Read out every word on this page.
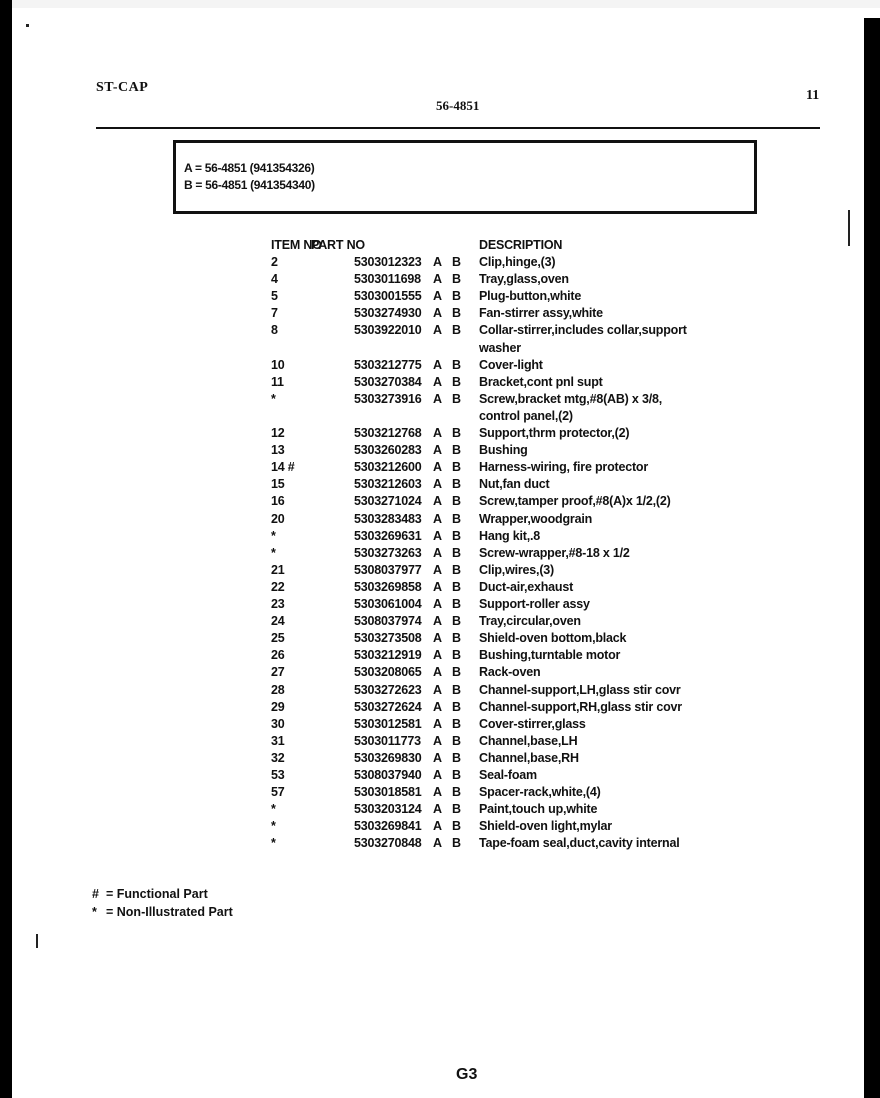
ST-CAP
56-4851
11
A = 56-4851 (941354326)
B = 56-4851 (941354340)
ITEM NO
PART NO	DESCRIPTION
2	5303012323 A B Clip,hinge,(3)
4	5303011698 A B Tray,glass,oven
5	5303001555 A B Plug-button,white
7	5303274930 A B Fan-stirrer assy,white
8	5303922010 A B Collar-stirrer,includes collar,support
washer
10	5303212775 A B Cover-light
11	5303270384 A B Bracket,cont pnl supt
*	5303273916 A B Screw,bracket mtg,#8(AB) x 3/8,
control panel,(2)
12	5303212768 A B Support,thrm protector,(2)
13	5303260283 A B Bushing
14 #	5303212600 A B Harness-wiring, fire protector
15	5303212603 A B Nut,fan duct
16	5303271024 A B Screw,tamper proof,#8(A)x 1/2,(2)
20	5303283483 A B Wrapper,woodgrain
*	5303269631 A B Hang kit,.8
*	5303273263 A B Screw-wrapper,#8-18 x 1/2
21	5308037977 A B Clip,wires,(3)
22	5303269858 A B Duct-air,exhaust
23	5303061004 A B Support-roller assy
24	5308037974 A B Tray,circular,oven
25	5303273508 A B Shield-oven bottom,black
26	5303212919 A B Bushing,turntable motor
27	5303208065 A B Rack-oven
28	5303272623 A B Channel-support,LH,glass stir covr
29	5303272624 A B Channel-support,RH,glass stir covr
30	5303012581 A B Cover-stirrer,glass
31	5303011773 A B Channel,base,LH
32	5303269830 A B Channel,base,RH
53	5308037940 A B Seal-foam
57	5303018581 A B Spacer-rack,white,(4)
*	5303203124 A B Paint,touch up,white
*	5303269841 A B Shield-oven light,mylar
*	5303270848 A B Tape-foam seal,duct,cavity internal
# = Functional Part
* = Non-Illustrated Part
G3
